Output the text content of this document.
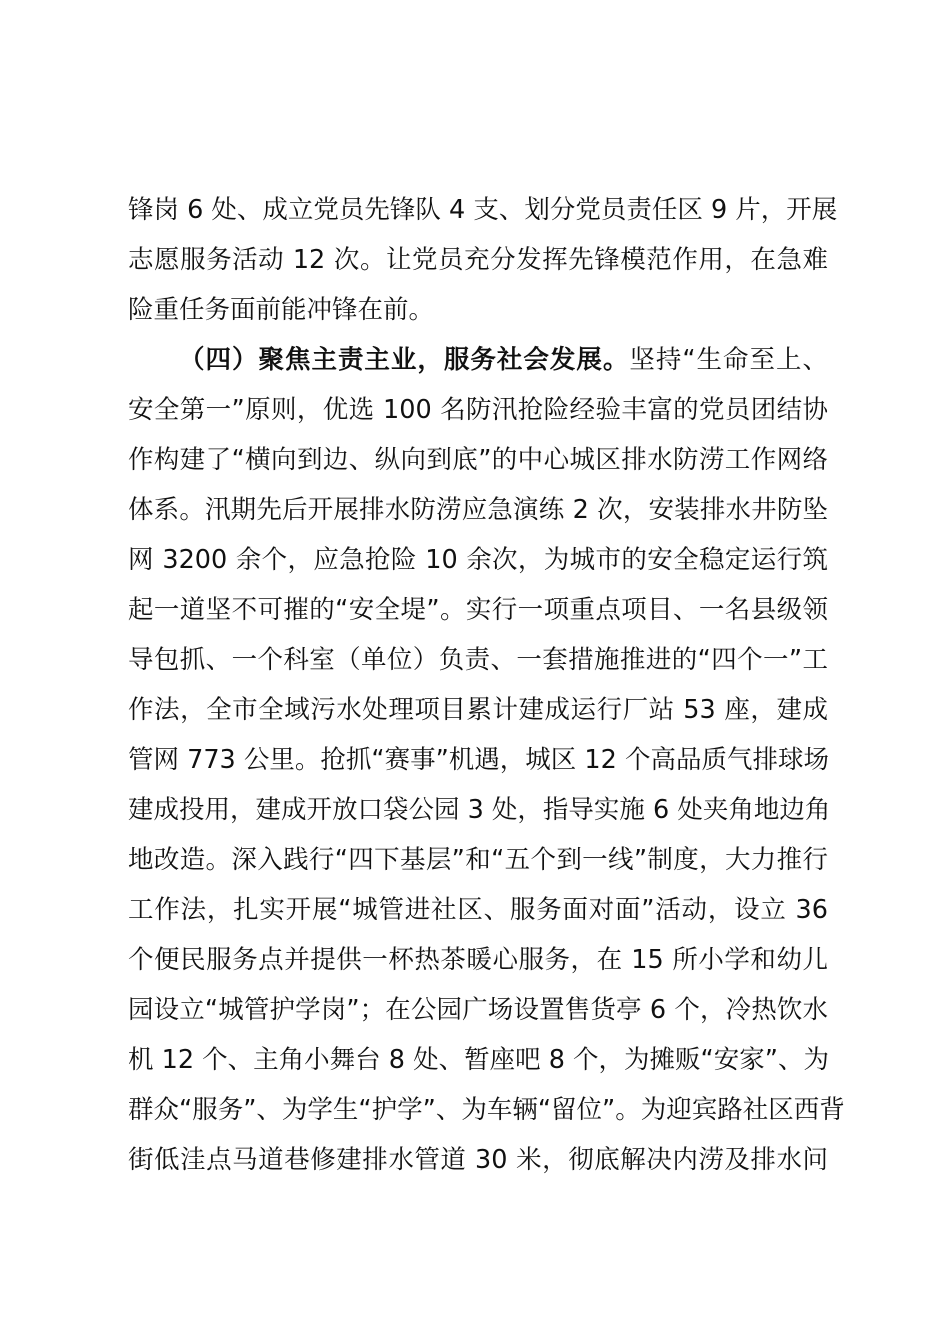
锋岗 6 处、成立党员先锋队 4 支、划分党员责任区 9 片，开展
志愿服务活动 12 次。让党员充分发挥先锋模范作用，在急难
险重任务面前能冲锋在前。
（四）聚焦主责主业，服务社会发展。坚持“生命至上、
安全第一”原则，优选 100 名防汛抢险经验丰富的党员团结协
作构建了“横向到边、纵向到底”的中心城区排水防涝工作网络
体系。汛期先后开展排水防涝应急演练 2 次，安装排水井防坠
网 3200 余个，应急抢险 10 余次，为城市的安全稳定运行筑
起一道坚不可摧的“安全堤”。实行一项重点项目、一名县级领
导包抓、一个科室（单位）负责、一套措施推进的“四个一”工
作法，全市全域污水处理项目累计建成运行厂站 53 座，建成
管网 773 公里。抢抓“赛事”机遇，城区 12 个高品质气排球场
建成投用，建成开放口袋公园 3 处，指导实施 6 处夹角地边角
地改造。深入践行“四下基层”和“五个到一线”制度，大力推行
工作法，扎实开展“城管进社区、服务面对面”活动，设立 36
个便民服务点并提供一杯热茶暖心服务，在 15 所小学和幼儿
园设立“城管护学岗”；在公园广场设置售货亭 6 个，冷热饮水
机 12 个、主角小舞台 8 处、暂座吧 8 个，为摊贩“安家”、为
群众“服务”、为学生“护学”、为车辆“留位”。为迎宾路社区西背
街低洼点马道巷修建排水管道 30 米，彻底解决内涝及排水问
